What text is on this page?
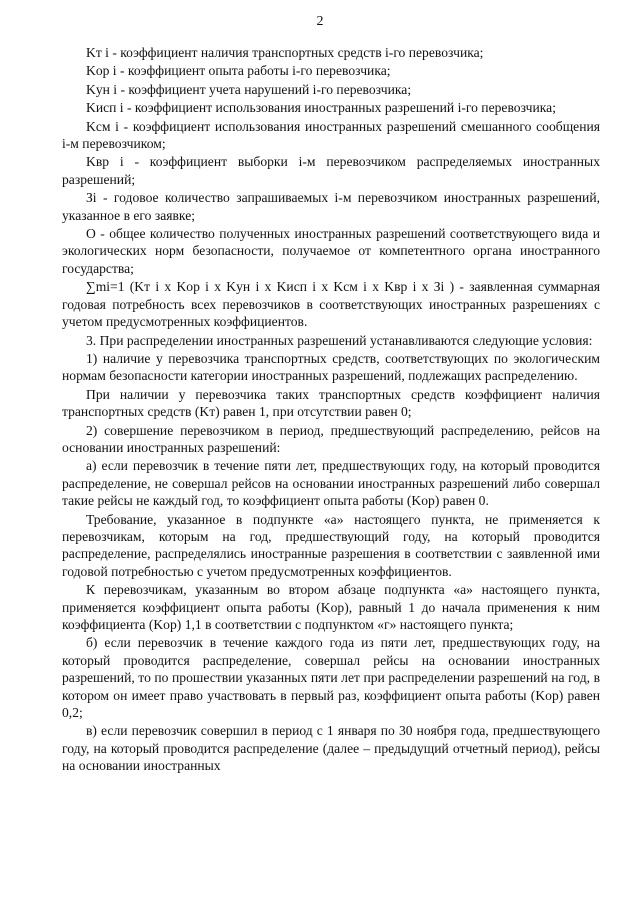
2

Kт i - коэффициент наличия транспортных средств i-го перевозчика;

Kор i - коэффициент опыта работы i-го перевозчика;

Kун i - коэффициент учета нарушений i-го перевозчика;

Kисп i - коэффициент использования иностранных разрешений i-го перевозчика;

Kсм i - коэффициент использования иностранных разрешений смешанного сообщения i-м перевозчиком;

Kвр i - коэффициент выборки i-м перевозчиком распределяемых иностранных разрешений;

Зi - годовое количество запрашиваемых i-м перевозчиком иностранных разрешений, указанное в его заявке;

О - общее количество полученных иностранных разрешений соответствующего вида и экологических норм безопасности, получаемое от компетентного органа иностранного государства;

∑mi=1 (Kт i x Kор i x Kун i x Kисп i x Kсм i x Kвр i x Зi ) - заявленная суммарная годовая потребность всех перевозчиков в соответствующих иностранных разрешениях с учетом предусмотренных коэффициентов.

3. При распределении иностранных разрешений устанавливаются следующие условия:

1) наличие у перевозчика транспортных средств, соответствующих по экологическим нормам безопасности категории иностранных разрешений, подлежащих распределению.

При наличии у перевозчика таких транспортных средств коэффициент наличия транспортных средств (Kт) равен 1, при отсутствии равен 0;

2) совершение перевозчиком в период, предшествующий распределению, рейсов на основании иностранных разрешений:

а) если перевозчик в течение пяти лет, предшествующих году, на который проводится распределение, не совершал рейсов на основании иностранных разрешений либо совершал такие рейсы не каждый год, то коэффициент опыта работы (Kор) равен 0.

Требование, указанное в подпункте «а» настоящего пункта, не применяется к перевозчикам, которым на год, предшествующий году, на который проводится распределение, распределялись иностранные разрешения в соответствии с заявленной ими годовой потребностью с учетом предусмотренных коэффициентов.

К перевозчикам, указанным во втором абзаце подпункта «а» настоящего пункта, применяется коэффициент опыта работы (Kор), равный 1 до начала применения к ним коэффициента (Kор) 1,1 в соответствии с подпунктом «г» настоящего пункта;

б) если перевозчик в течение каждого года из пяти лет, предшествующих году, на который проводится распределение, совершал рейсы на основании иностранных разрешений, то по прошествии указанных пяти лет при распределении разрешений на год, в котором он имеет право участвовать в первый раз, коэффициент опыта работы (Kор) равен 0,2;

в) если перевозчик совершил в период с 1 января по 30 ноября года, предшествующего году, на который проводится распределение (далее – предыдущий отчетный период), рейсы на основании иностранных
